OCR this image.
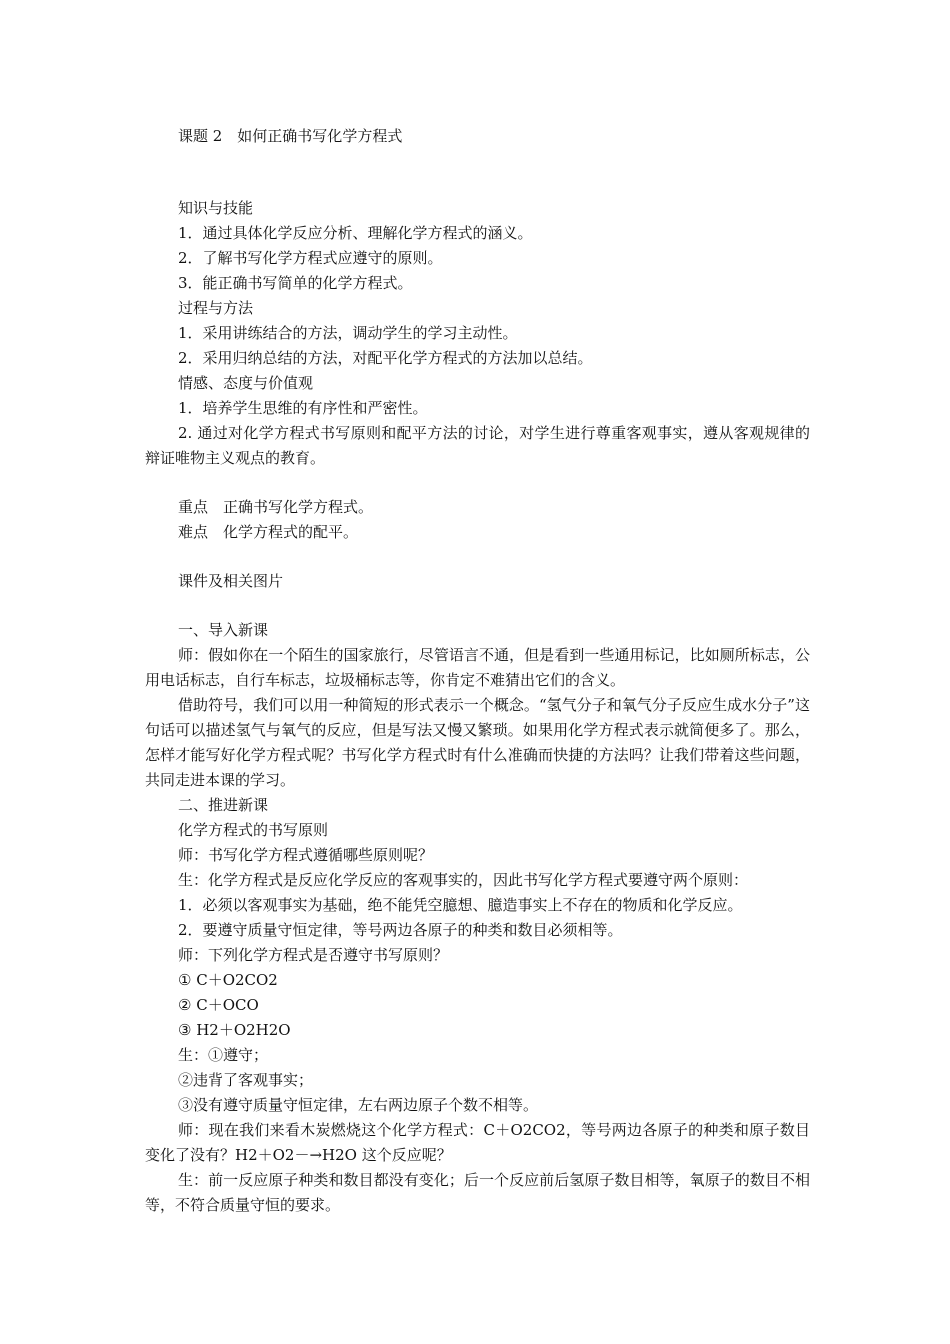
课题 2　如何正确书写化学方程式

知识与技能

1．通过具体化学反应分析、理解化学方程式的涵义。

2．了解书写化学方程式应遵守的原则。

3．能正确书写简单的化学方程式。

过程与方法

1．采用讲练结合的方法，调动学生的学习主动性。

2．采用归纳总结的方法，对配平化学方程式的方法加以总结。

情感、态度与价值观

1．培养学生思维的有序性和严密性。

2. 通过对化学方程式书写原则和配平方法的讨论，对学生进行尊重客观事实，遵从客观规律的辩证唯物主义观点的教育。

重点　正确书写化学方程式。

难点　化学方程式的配平。

课件及相关图片

一、导入新课

师：假如你在一个陌生的国家旅行，尽管语言不通，但是看到一些通用标记，比如厕所标志，公用电话标志，自行车标志，垃圾桶标志等，你肯定不难猜出它们的含义。

借助符号，我们可以用一种简短的形式表示一个概念。“氢气分子和氧气分子反应生成水分子”这句话可以描述氢气与氧气的反应，但是写法又慢又繁琐。如果用化学方程式表示就简便多了。那么，怎样才能写好化学方程式呢？书写化学方程式时有什么准确而快捷的方法吗？让我们带着这些问题，共同走进本课的学习。

二、推进新课

化学方程式的书写原则

师：书写化学方程式遵循哪些原则呢？

生：化学方程式是反应化学反应的客观事实的，因此书写化学方程式要遵守两个原则：

1．必须以客观事实为基础，绝不能凭空臆想、臆造事实上不存在的物质和化学反应。

2．要遵守质量守恒定律，等号两边各原子的种类和数目必须相等。

师：下列化学方程式是否遵守书写原则？

① C＋O2CO2

② C＋OCO

③ H2＋O2H2O

生：①遵守；

②违背了客观事实；

③没有遵守质量守恒定律，左右两边原子个数不相等。

师：现在我们来看木炭燃烧这个化学方程式：C＋O2CO2，等号两边各原子的种类和原子数目变化了没有？H2＋O2－→H2O 这个反应呢？

生：前一反应原子种类和数目都没有变化；后一个反应前后氢原子数目相等，氧原子的数目不相等，不符合质量守恒的要求。
